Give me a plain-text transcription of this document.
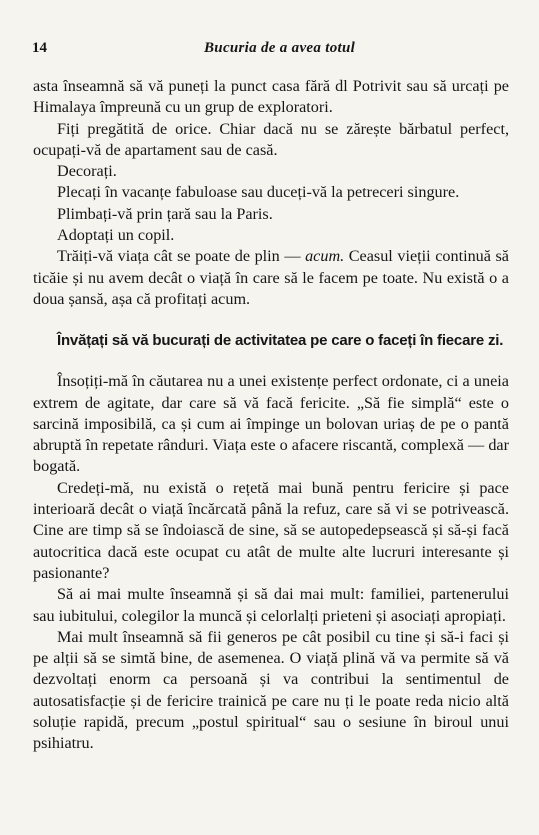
14	Bucuria de a avea totul

asta înseamnă să vă puneți la punct casa fără dl Potrivit sau să urcați pe Himalaya împreună cu un grup de exploratori.

Fiți pregătită de orice. Chiar dacă nu se zărește bărbatul perfect, ocupați-vă de apartament sau de casă.

Decorați.

Plecați în vacanțe fabuloase sau duceți-vă la petreceri singure.

Plimbați-vă prin țară sau la Paris.

Adoptați un copil.

Trăiți-vă viața cât se poate de plin — acum. Ceasul vieții continuă să ticăie și nu avem decât o viață în care să le facem pe toate. Nu există o a doua șansă, așa că profitați acum.

Învățați să vă bucurați de activitatea pe care o faceți în fiecare zi.

Însoțiți-mă în căutarea nu a unei existențe perfect ordonate, ci a uneia extrem de agitate, dar care să vă facă fericite. „Să fie simplă“ este o sarcină imposibilă, ca și cum ai împinge un bolovan uriaș de pe o pantă abruptă în repetate rânduri. Viața este o afacere riscantă, complexă — dar bogată.

Credeți-mă, nu există o rețetă mai bună pentru fericire și pace interioară decât o viață încărcată până la refuz, care să vi se potrivească. Cine are timp să se îndoiască de sine, să se autopedepsească și să-și facă autocritica dacă este ocupat cu atât de multe alte lucruri interesante și pasionante?

Să ai mai multe înseamnă și să dai mai mult: familiei, partenerului sau iubitului, colegilor la muncă și celorlalți prieteni și asociați apropiați.

Mai mult înseamnă să fii generos pe cât posibil cu tine și să-i faci și pe alții să se simtă bine, de asemenea. O viață plină vă va permite să vă dezvoltați enorm ca persoană și va contribui la sentimentul de autosatisfacție și de fericire trainică pe care nu ți le poate reda nicio altă soluție rapidă, precum „postul spiritual“ sau o sesiune în biroul unui psihiatru.
